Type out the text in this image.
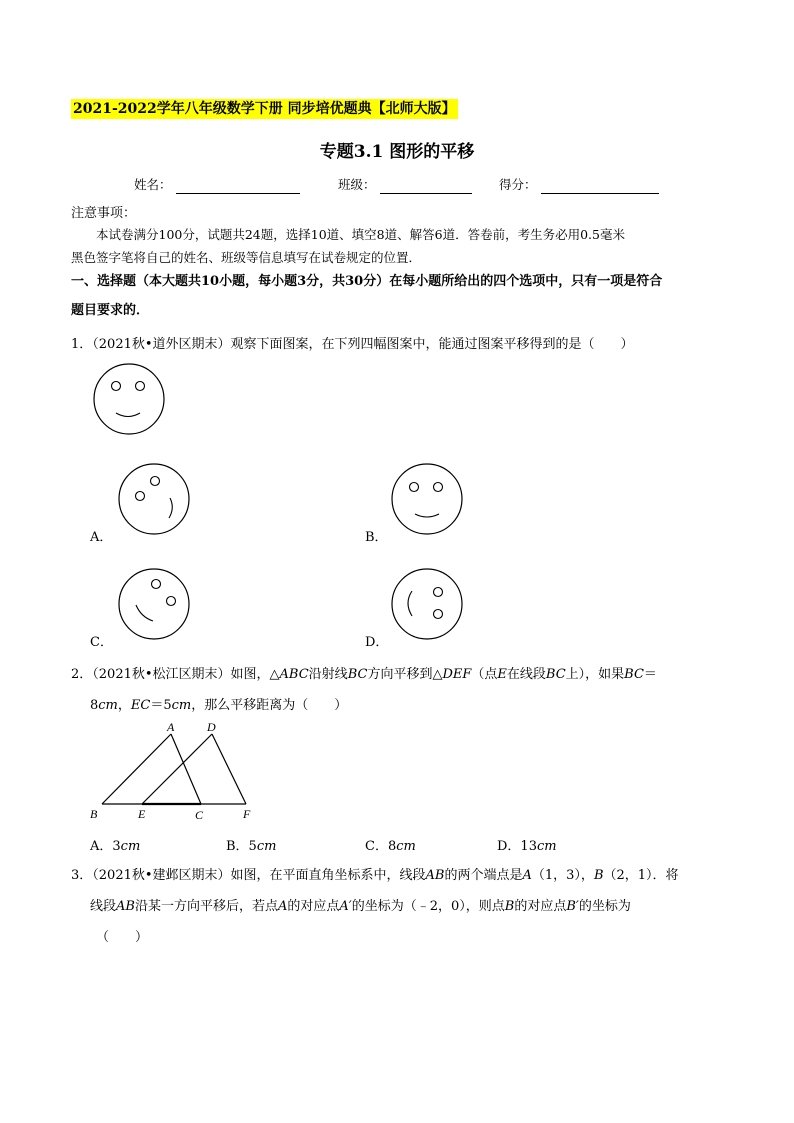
2021-2022学年八年级数学下册 同步培优题典【北师大版】
专题3.1 图形的平移
姓名：	班级：	得分：
注意事项：
本试卷满分100分，试题共24题，选择10道、填空8道、解答6道．答卷前，考生务必用0.5毫米
黑色签字笔将自己的姓名、班级等信息填写在试卷规定的位置．
一、选择题（本大题共10小题，每小题3分，共30分）在每小题所给出的四个选项中，只有一项是符合
题目要求的．
1．（2021秋•道外区期末）观察下面图案，在下列四幅图案中，能通过图案平移得到的是（　　）
A．	B．
C．	D．
2．（2021秋•松江区期末）如图，△ABC沿射线BC方向平移到△DEF（点E在线段BC上），如果BC＝
8cm，EC＝5cm，那么平移距离为（　　）
A	D
B	E	C	F
A．3cm	B．5cm	C．8cm	D．13cm
3．（2021秋•建邺区期末）如图，在平面直角坐标系中，线段AB的两个端点是A（1，3），B（2，1）．将
线段AB沿某一方向平移后，若点A的对应点A′的坐标为（﹣2，0），则点B的对应点B′的坐标为
（　　）
